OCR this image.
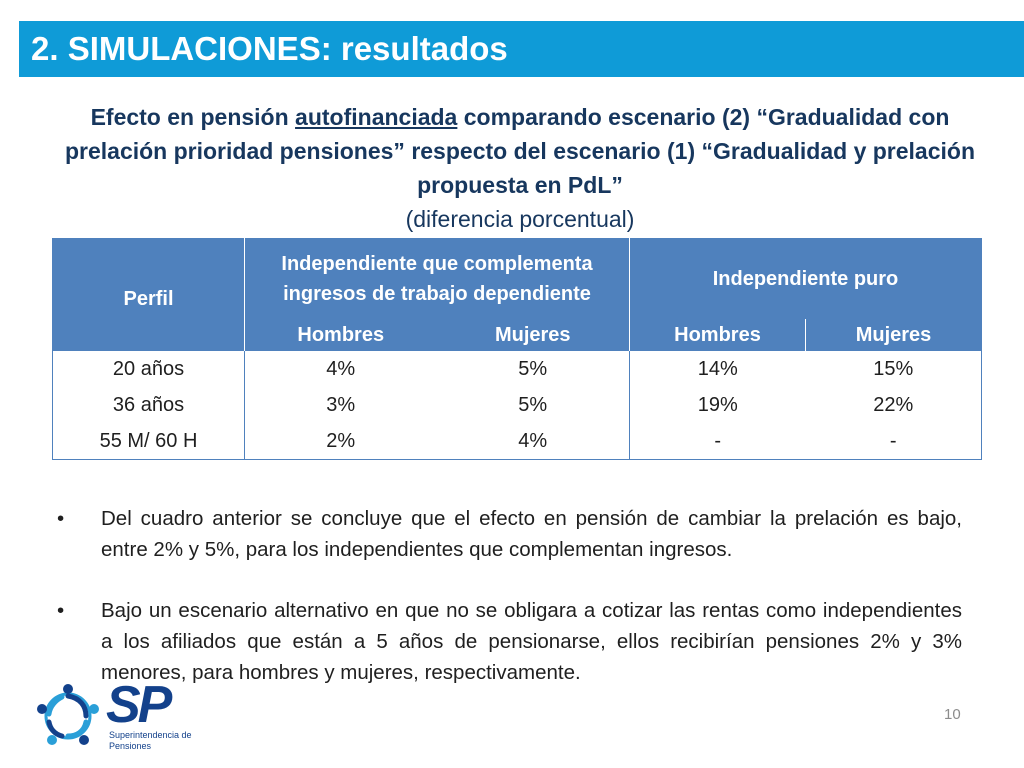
2. SIMULACIONES: resultados
Efecto en pensión autofinanciada comparando escenario (2) “Gradualidad con prelación prioridad pensiones” respecto del escenario (1) “Gradualidad y prelación propuesta en PdL”
(diferencia porcentual)
Perfil	Independiente que complementa ingresos de trabajo dependiente		Independiente puro	
	Hombres	Mujeres	Hombres	Mujeres
20 años	4%	5%	14%	15%
36 años	3%	5%	19%	22%
55 M/ 60 H	2%	4%	-	-
• Del cuadro anterior se concluye que el efecto en pensión de cambiar la prelación es bajo, entre 2% y 5%, para los independientes que complementan ingresos.
• Bajo un escenario alternativo en que no se obligara a cotizar las rentas como independientes a los afiliados que están a 5 años de pensionarse, ellos recibirían pensiones 2% y 3% menores, para hombres y mujeres, respectivamente.
SP
Superintendencia de
Pensiones
10
